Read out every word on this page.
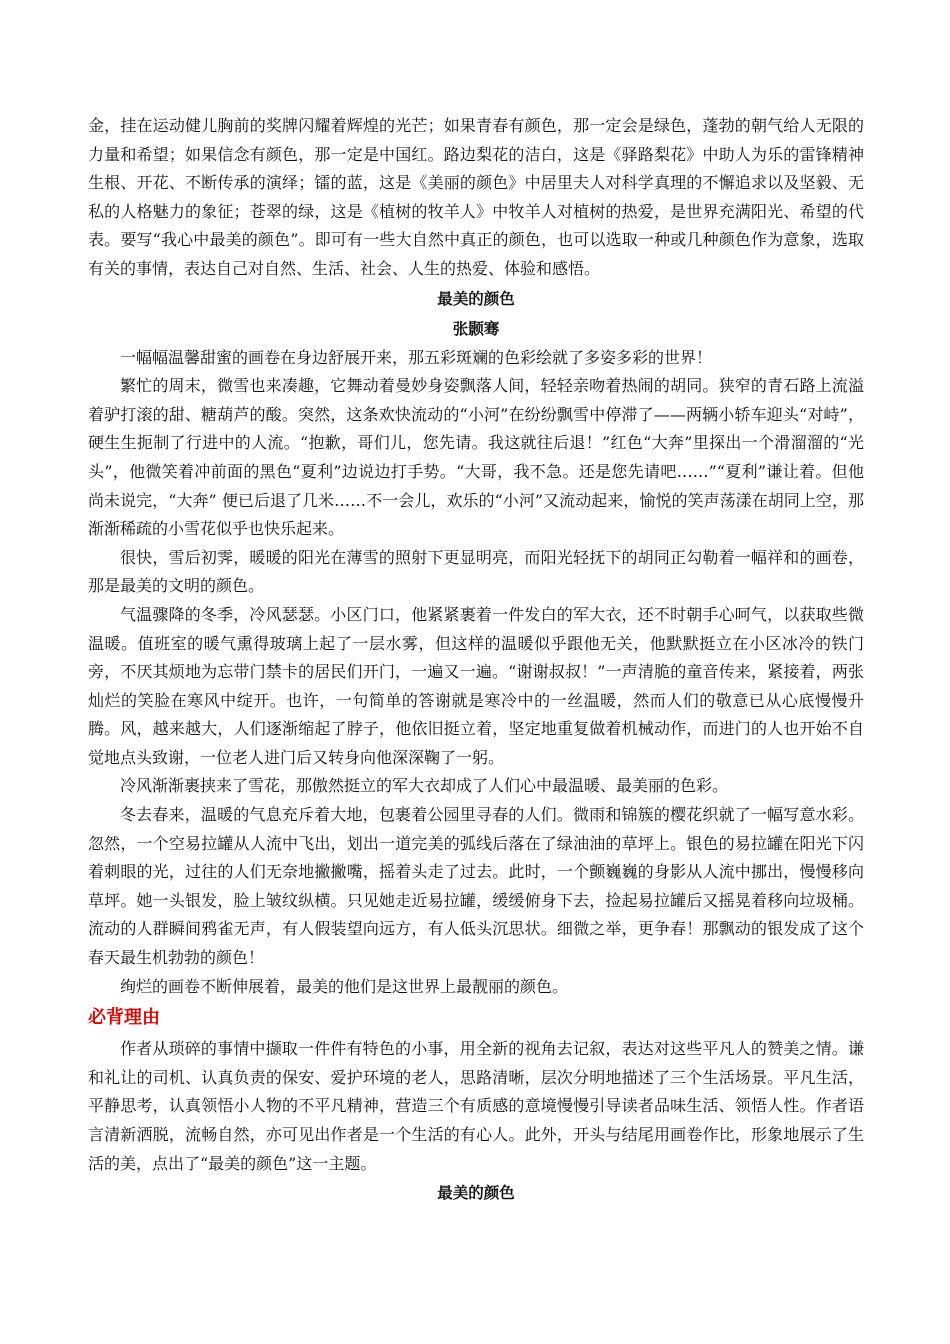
金，挂在运动健儿胸前的奖牌闪耀着辉煌的光芒；如果青春有颜色，那一定会是绿色，蓬勃的朝气给人无限的力量和希望；如果信念有颜色，那一定是中国红。路边梨花的洁白，这是《驿路梨花》中助人为乐的雷锋精神生根、开花、不断传承的演绎；镭的蓝，这是《美丽的颜色》中居里夫人对科学真理的不懈追求以及坚毅、无私的人格魅力的象征；苍翠的绿，这是《植树的牧羊人》中牧羊人对植树的热爱，是世界充满阳光、希望的代表。要写“我心中最美的颜色”。即可有一些大自然中真正的颜色，也可以选取一种或几种颜色作为意象，选取有关的事情，表达自己对自然、生活、社会、人生的热爱、体验和感悟。

最美的颜色
张颢骞

一幅幅温馨甜蜜的画卷在身边舒展开来，那五彩斑斓的色彩绘就了多姿多彩的世界！

繁忙的周末，微雪也来凑趣，它舞动着曼妙身姿飘落人间，轻轻亲吻着热闹的胡同。狭窄的青石路上流溢着驴打滚的甜、糖葫芦的酸。突然，这条欢快流动的“小河”在纷纷飘雪中停滞了——两辆小轿车迎头“对峙”，硬生生扼制了行进中的人流。“抱歉，哥们儿，您先请。我这就往后退！”红色“大奔”里探出一个滑溜溜的“光头”，他微笑着冲前面的黑色“夏利”边说边打手势。“大哥，我不急。还是您先请吧……”“夏利”谦让着。但他尚未说完，“大奔” 便已后退了几米……不一会儿，欢乐的“小河”又流动起来，愉悦的笑声荡漾在胡同上空，那渐渐稀疏的小雪花似乎也快乐起来。

很快，雪后初霁，暖暖的阳光在薄雪的照射下更显明亮，而阳光轻抚下的胡同正勾勒着一幅祥和的画卷，那是最美的文明的颜色。

气温骤降的冬季，冷风瑟瑟。小区门口，他紧紧裹着一件发白的军大衣，还不时朝手心呵气，以获取些微温暖。值班室的暖气熏得玻璃上起了一层水雾，但这样的温暖似乎跟他无关，他默默挺立在小区冰冷的铁门旁，不厌其烦地为忘带门禁卡的居民们开门，一遍又一遍。“谢谢叔叔！”一声清脆的童音传来，紧接着，两张灿烂的笑脸在寒风中绽开。也许，一句简单的答谢就是寒冷中的一丝温暖，然而人们的敬意已从心底慢慢升腾。风，越来越大，人们逐渐缩起了脖子，他依旧挺立着，坚定地重复做着机械动作，而进门的人也开始不自觉地点头致谢，一位老人进门后又转身向他深深鞠了一躬。

冷风渐渐裹挟来了雪花，那傲然挺立的军大衣却成了人们心中最温暖、最美丽的色彩。

冬去春来，温暖的气息充斥着大地，包裹着公园里寻春的人们。微雨和锦簇的樱花织就了一幅写意水彩。忽然，一个空易拉罐从人流中飞出，划出一道完美的弧线后落在了绿油油的草坪上。银色的易拉罐在阳光下闪着刺眼的光，过往的人们无奈地撇撇嘴，摇着头走了过去。此时，一个颤巍巍的身影从人流中挪出，慢慢移向草坪。她一头银发，脸上皱纹纵横。只见她走近易拉罐，缓缓俯身下去，捡起易拉罐后又摇晃着移向垃圾桶。流动的人群瞬间鸦雀无声，有人假装望向远方，有人低头沉思状。细微之举，更争春！那飘动的银发成了这个春天最生机勃勃的颜色！

绚烂的画卷不断伸展着，最美的他们是这世界上最靓丽的颜色。

必背理由

作者从琐碎的事情中撷取一件件有特色的小事，用全新的视角去记叙，表达对这些平凡人的赞美之情。谦和礼让的司机、认真负责的保安、爱护环境的老人，思路清晰，层次分明地描述了三个生活场景。平凡生活，平静思考，认真领悟小人物的不平凡精神，营造三个有质感的意境慢慢引导读者品味生活、领悟人性。作者语言清新洒脱，流畅自然，亦可见出作者是一个生活的有心人。此外，开头与结尾用画卷作比，形象地展示了生活的美，点出了“最美的颜色”这一主题。

最美的颜色
